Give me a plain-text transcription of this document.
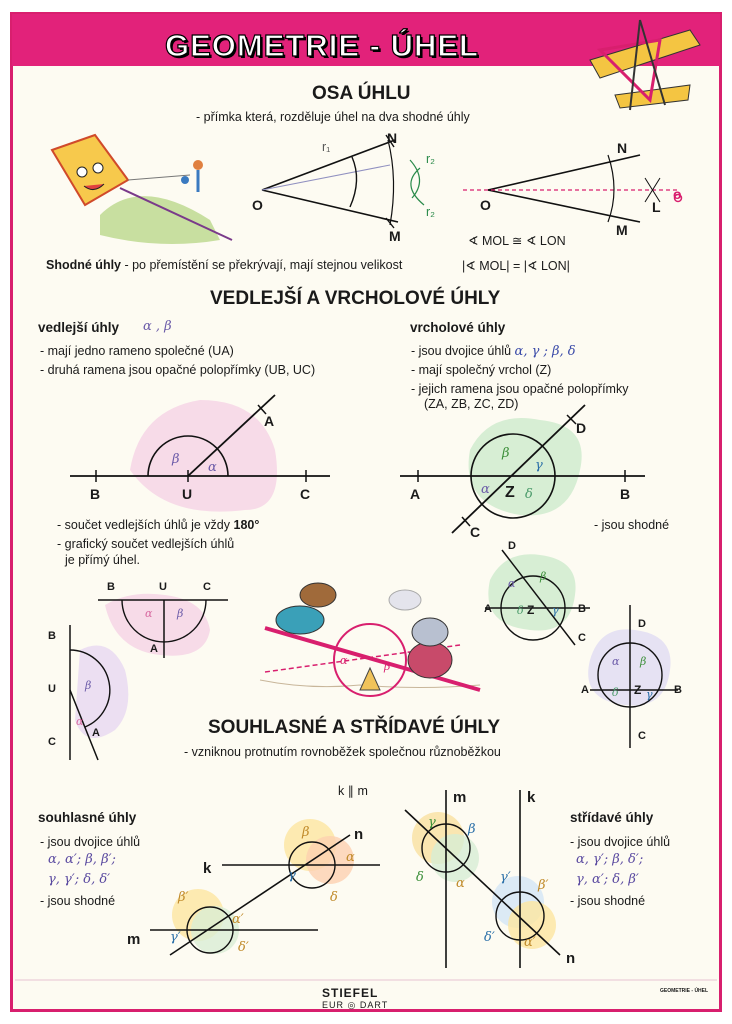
GEOMETRIE - ÚHEL
OSA ÚHLU
- přímka která, rozděluje úhel na dva shodné úhly
O
N
M
r₁
r₂
r₂	O
N
M
L
o
∢ MOL ≅ ∢ LON
Shodné úhly - po přemístění se překrývají, mají stejnou velikost	|∢ MOL| = |∢ LON|
VEDLEJŠÍ A VRCHOLOVÉ ÚHLY
vedlejší úhly α , β
- mají jedno rameno společné (UA)
- druhá ramena jsou opačné polopřímky (UB, UC)
vrcholové úhly
- jsou dvojice úhlů α, γ ; β, δ
- mají společný vrchol (Z)
- jejich ramena jsou opačné polopřímky
(ZA, ZB, ZC, ZD)
A
B	U	C
β
α
D
A	B
C
Z
β
γ
α	δ
- jsou shodné
- součet vedlejších úhlů je vždy 180°
- grafický součet vedlejších úhlů
je přímý úhel.
B	U	C
A
α β
B
U
C
A
β
α
D
A	B
C
Z
α
β
δ	γ
D
A	B
C
Z
α β
δ γ
α	β
SOUHLASNÉ A STŘÍDAVÉ ÚHLY
- vzniknou protnutím rovnoběžek společnou různoběžkou
k ∥ m
souhlasné úhly
- jsou dvojice úhlů
α, α′; β, β′;
γ, γ′; δ, δ′
- jsou shodné
střídavé úhly
- jsou dvojice úhlů
α, γ′; β, δ′;
γ, α′; δ, β′
- jsou shodné
k
m
n
β
α
γ
δ
β′
α′
γ′
δ′
m	k
n
γ β
δ α	γ′
β′
δ′ α′
STIEFEL
EUR ◎ DART
GEOMETRIE - ÚHEL
